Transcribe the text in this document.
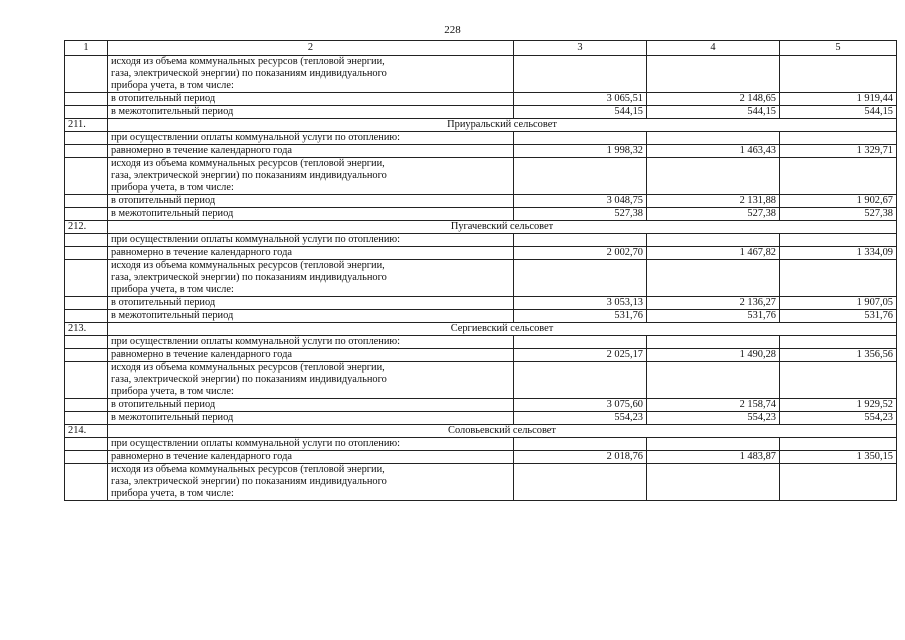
228
1	2	3	4	5

	исходя из объема коммунальных ресурсов (тепловой энергии,
газа, электрической энергии) по показаниям индивидуального
прибора учета, в том числе:			

	в отопительный период	3 065,51	2 148,65	1 919,44
	в межотопительный период	544,15	544,15	544,15
211.	Приуральский сельсовет			
	при осуществлении оплаты коммунальной услуги по отоплению:			
	равномерно в течение календарного года	1 998,32	1 463,43	1 329,71

	исходя из объема коммунальных ресурсов (тепловой энергии,
газа, электрической энергии) по показаниям индивидуального
прибора учета, в том числе:			

	в отопительный период	3 048,75	2 131,88	1 902,67
	в межотопительный период	527,38	527,38	527,38
212.	Пугачевский сельсовет			
	при осуществлении оплаты коммунальной услуги по отоплению:			
	равномерно в течение календарного года	2 002,70	1 467,82	1 334,09

	исходя из объема коммунальных ресурсов (тепловой энергии,
газа, электрической энергии) по показаниям индивидуального
прибора учета, в том числе:			

	в отопительный период	3 053,13	2 136,27	1 907,05
	в межотопительный период	531,76	531,76	531,76
213.	Сергиевский сельсовет			
	при осуществлении оплаты коммунальной услуги по отоплению:			
	равномерно в течение календарного года	2 025,17	1 490,28	1 356,56

	исходя из объема коммунальных ресурсов (тепловой энергии,
газа, электрической энергии) по показаниям индивидуального
прибора учета, в том числе:			

	в отопительный период	3 075,60	2 158,74	1 929,52
	в межотопительный период	554,23	554,23	554,23
214.	Соловьевский сельсовет			
	при осуществлении оплаты коммунальной услуги по отоплению:			
	равномерно в течение календарного года	2 018,76	1 483,87	1 350,15

	исходя из объема коммунальных ресурсов (тепловой энергии,
газа, электрической энергии) по показаниям индивидуального
прибора учета, в том числе:			
